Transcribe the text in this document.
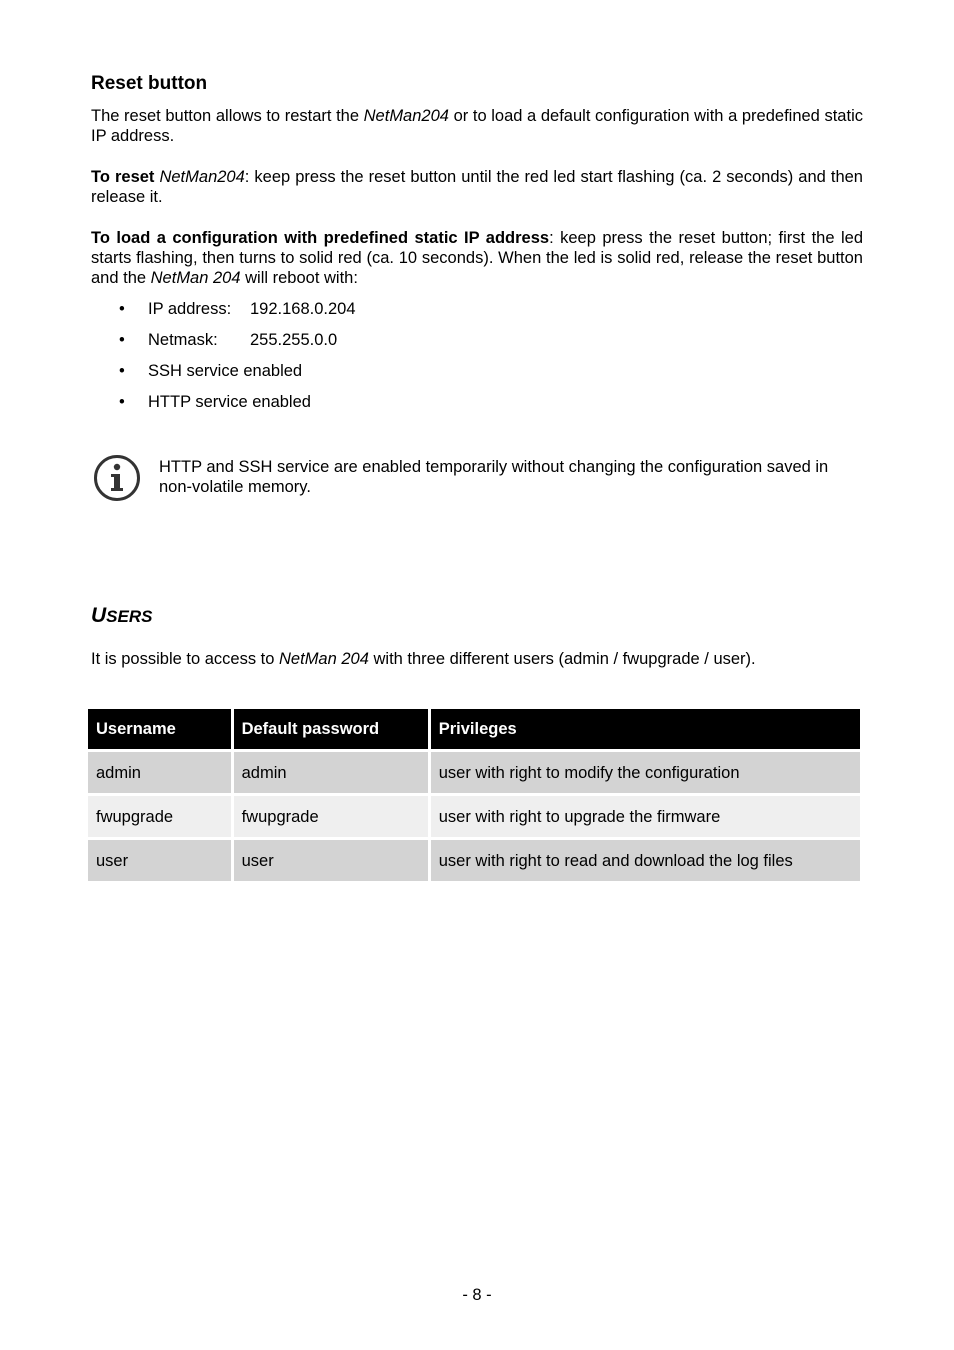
Reset button

The reset button allows to restart the NetMan204 or to load a default configuration with a predefined static IP address.

To reset NetMan204: keep press the reset button until the red led start flashing (ca. 2 seconds) and then release it.

To load a configuration with predefined static IP address: keep press the reset button; first the led starts flashing, then turns to solid red (ca. 10 seconds). When the led is solid red, release the reset button and the NetMan 204 will reboot with:

• IP address: 192.168.0.204
• Netmask: 255.255.0.0
• SSH service enabled
• HTTP service enabled
HTTP and SSH service are enabled temporarily without changing the configuration saved in non-volatile memory.
USERS

It is possible to access to NetMan 204 with three different users (admin / fwupgrade / user).

Username	Default password	Privileges
admin	admin	user with right to modify the configuration
fwupgrade	fwupgrade	user with right to upgrade the firmware
user	user	user with right to read and download the log files
- 8 -
